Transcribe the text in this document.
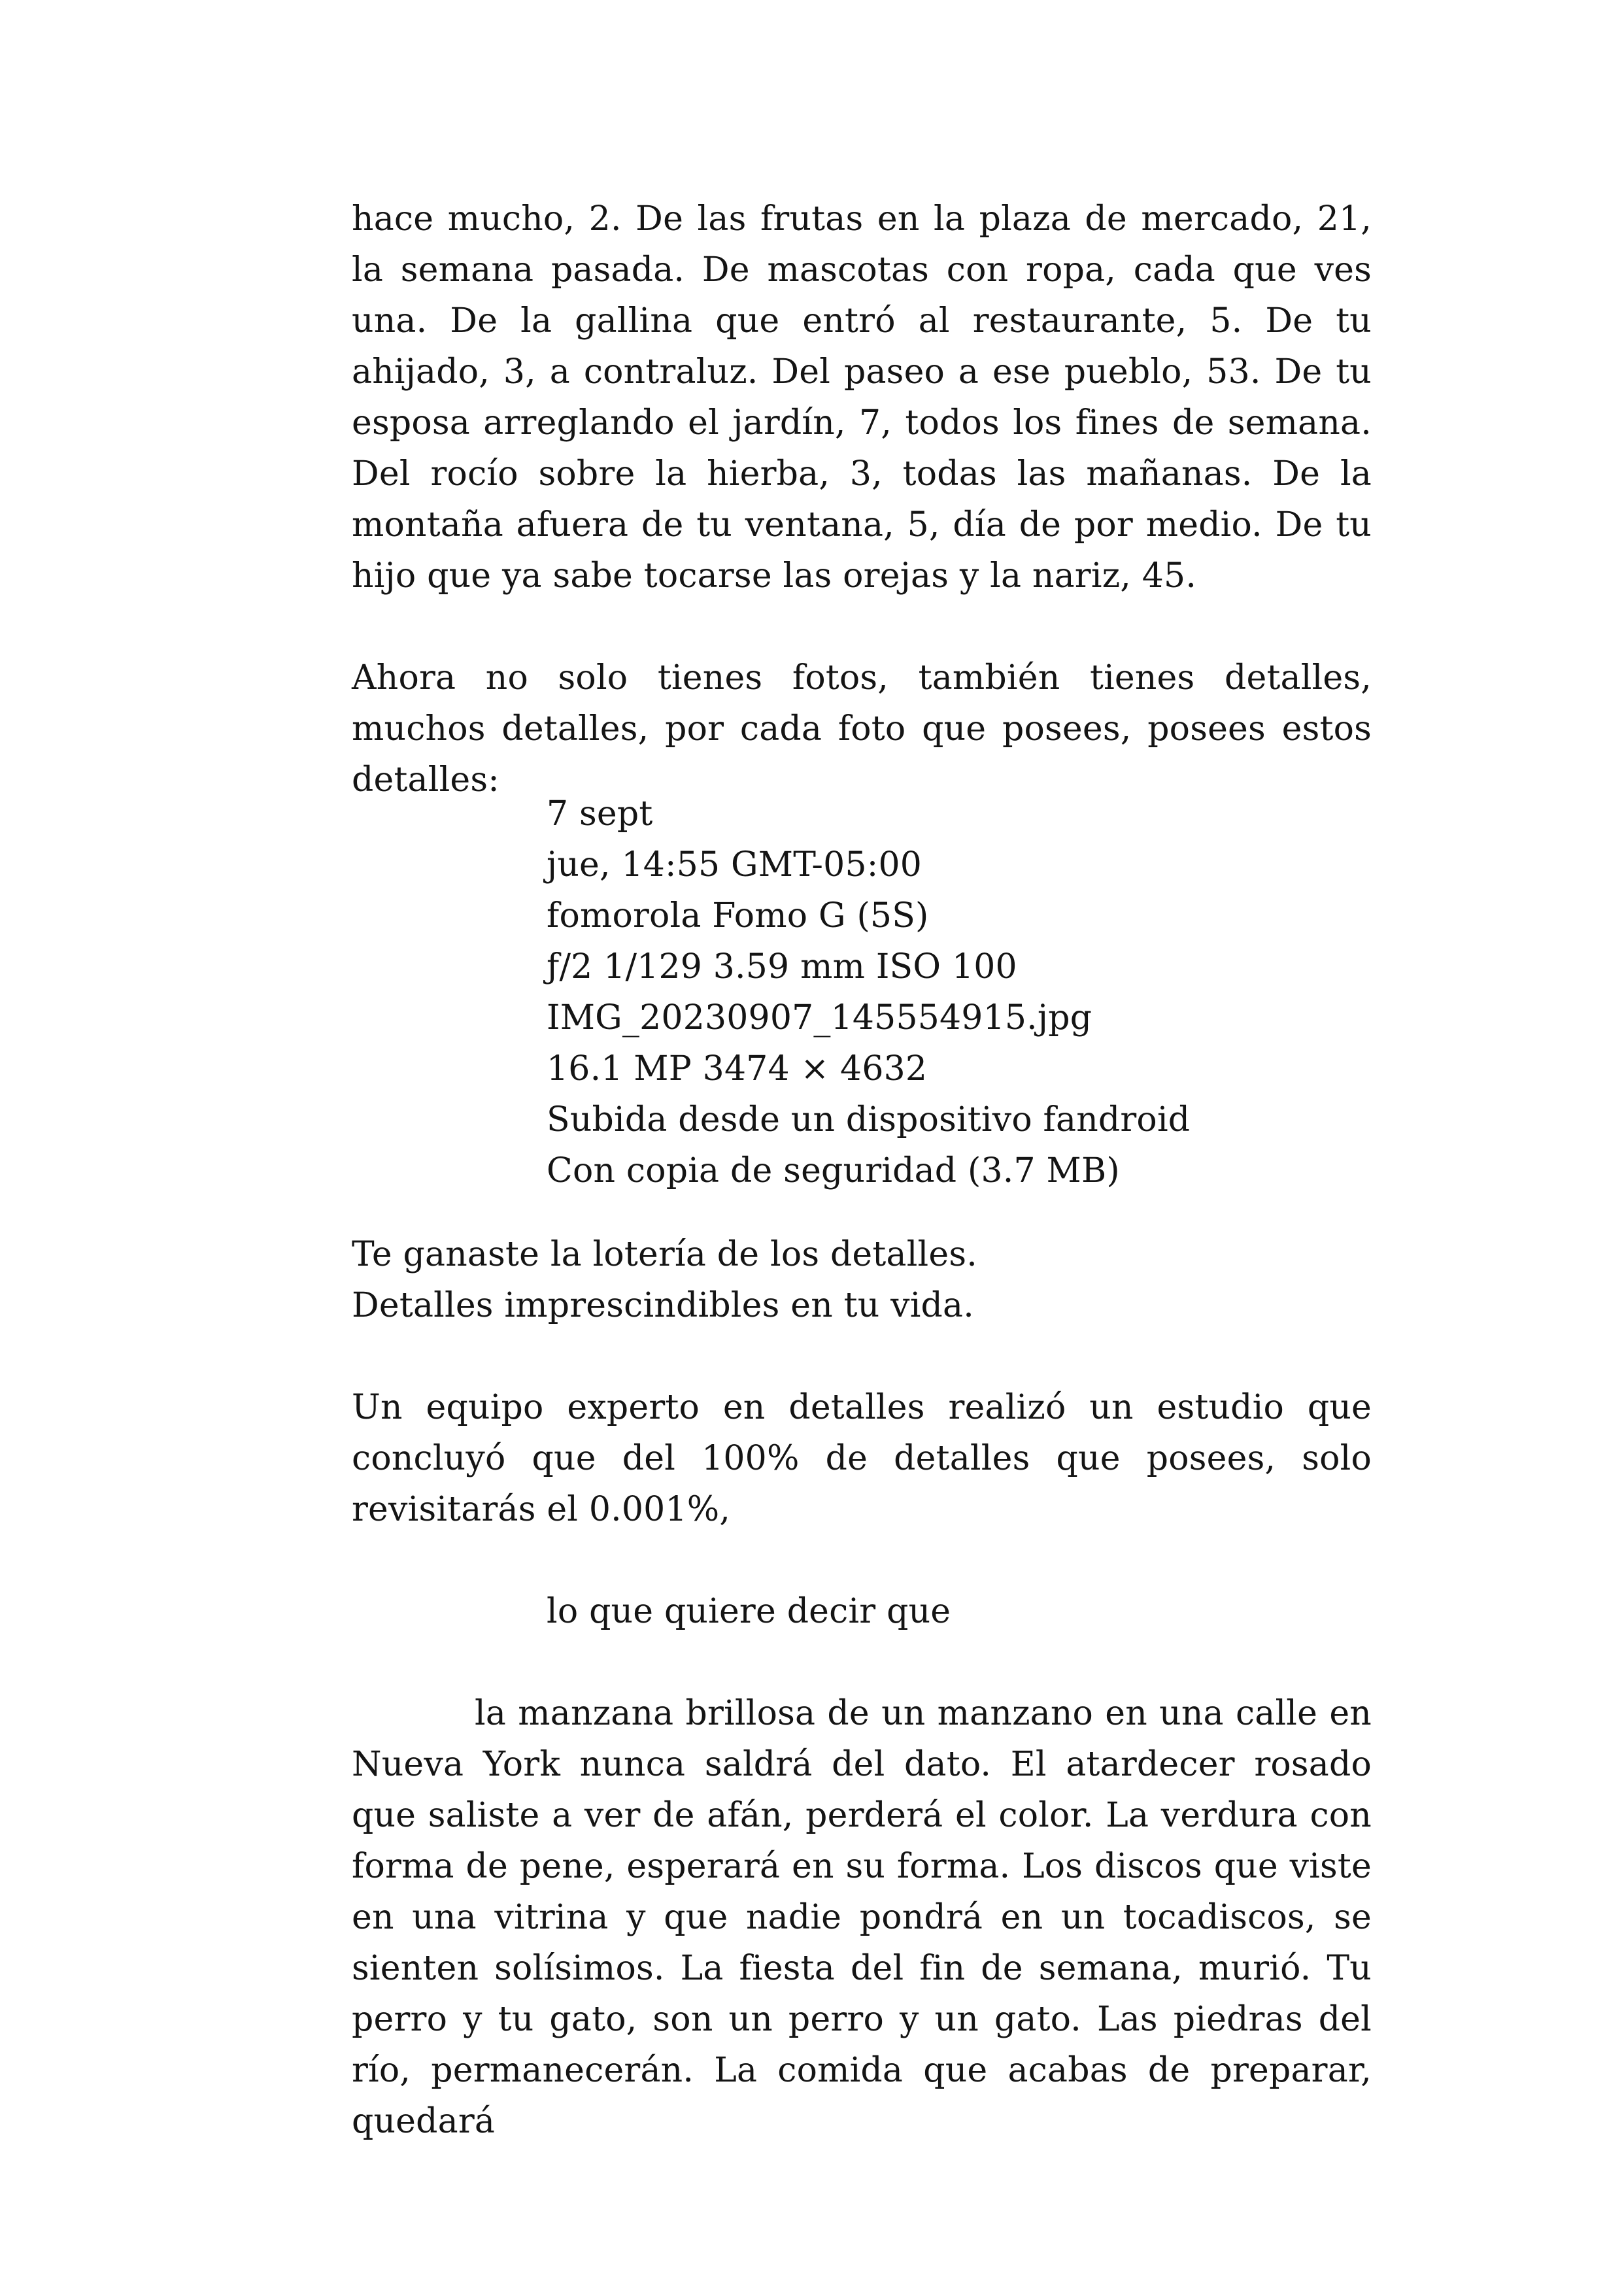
hace mucho, 2. De las frutas en la plaza de mercado, 21, la semana pasada. De mascotas con ropa, cada que ves una. De la gallina que entró al restaurante, 5. De tu ahijado, 3, a contraluz. Del paseo a ese pueblo, 53. De tu esposa arreglando el jardín, 7, todos los fines de semana. Del rocío sobre la hierba, 3, todas las mañanas. De la montaña afuera de tu ventana, 5, día de por medio. De tu hijo que ya sabe tocarse las orejas y la nariz, 45.

Ahora no solo tienes fotos, también tienes detalles, muchos detalles, por cada foto que posees, posees estos detalles:

7 sept
jue, 14:55 GMT-05:00
fomorola Fomo G (5S)
ƒ/2 1/129 3.59 mm ISO 100
IMG_20230907_145554915.jpg
16.1 MP 3474 × 4632
Subida desde un dispositivo fandroid
Con copia de seguridad (3.7 MB)

Te ganaste la lotería de los detalles.

Detalles imprescindibles en tu vida.

Un equipo experto en detalles realizó un estudio que concluyó que del 100% de detalles que posees, solo revisitarás el 0.001%,

lo que quiere decir que

la manzana brillosa de un manzano en una calle en Nueva York nunca saldrá del dato. El atardecer rosado que saliste a ver de afán, perderá el color. La verdura con forma de pene, esperará en su forma. Los discos que viste en una vitrina y que nadie pondrá en un tocadiscos, se sienten solísimos. La fiesta del fin de semana, murió. Tu perro y tu gato, son un perro y un gato. Las piedras del río, permanecerán. La comida que acabas de preparar, quedará
